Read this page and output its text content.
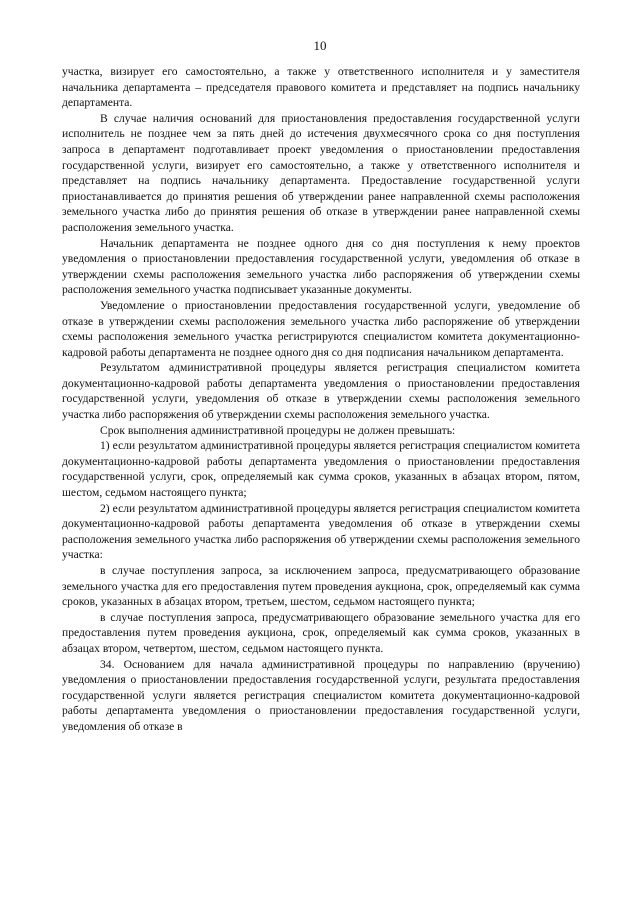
10

участка, визирует его самостоятельно, а также у ответственного исполнителя и у заместителя начальника департамента – председателя правового комитета и представляет на подпись начальнику департамента.

В случае наличия оснований для приостановления предоставления государственной услуги исполнитель не позднее чем за пять дней до истечения двухмесячного срока со дня поступления запроса в департамент подготавливает проект уведомления о приостановлении предоставления государственной услуги, визирует его самостоятельно, а также у ответственного исполнителя и представляет на подпись начальнику департамента. Предоставление государственной услуги приостанавливается до принятия решения об утверждении ранее направленной схемы расположения земельного участка либо до принятия решения об отказе в утверждении ранее направленной схемы расположения земельного участка.

Начальник департамента не позднее одного дня со дня поступления к нему проектов уведомления о приостановлении предоставления государственной услуги, уведомления об отказе в утверждении схемы расположения земельного участка либо распоряжения об утверждении схемы расположения земельного участка подписывает указанные документы.

Уведомление о приостановлении предоставления государственной услуги, уведомление об отказе в утверждении схемы расположения земельного участка либо распоряжение об утверждении схемы расположения земельного участка регистрируются специалистом комитета документационно-кадровой работы департамента не позднее одного дня со дня подписания начальником департамента.

Результатом административной процедуры является регистрация специалистом комитета документационно-кадровой работы департамента уведомления о приостановлении предоставления государственной услуги, уведомления об отказе в утверждении схемы расположения земельного участка либо распоряжения об утверждении схемы расположения земельного участка.

Срок выполнения административной процедуры не должен превышать:

1) если результатом административной процедуры является регистрация специалистом комитета документационно-кадровой работы департамента уведомления о приостановлении предоставления государственной услуги, срок, определяемый как сумма сроков, указанных в абзацах втором, пятом, шестом, седьмом настоящего пункта;

2) если результатом административной процедуры является регистрация специалистом комитета документационно-кадровой работы департамента уведомления об отказе в утверждении схемы расположения земельного участка либо распоряжения об утверждении схемы расположения земельного участка:

в случае поступления запроса, за исключением запроса, предусматривающего образование земельного участка для его предоставления путем проведения аукциона, срок, определяемый как сумма сроков, указанных в абзацах втором, третьем, шестом, седьмом настоящего пункта;

в случае поступления запроса, предусматривающего образование земельного участка для его предоставления путем проведения аукциона, срок, определяемый как сумма сроков, указанных в абзацах втором, четвертом, шестом, седьмом настоящего пункта.

34. Основанием для начала административной процедуры по направлению (вручению) уведомления о приостановлении предоставления государственной услуги, результата предоставления государственной услуги является регистрация специалистом комитета документационно-кадровой работы департамента уведомления о приостановлении предоставления государственной услуги, уведомления об отказе в
